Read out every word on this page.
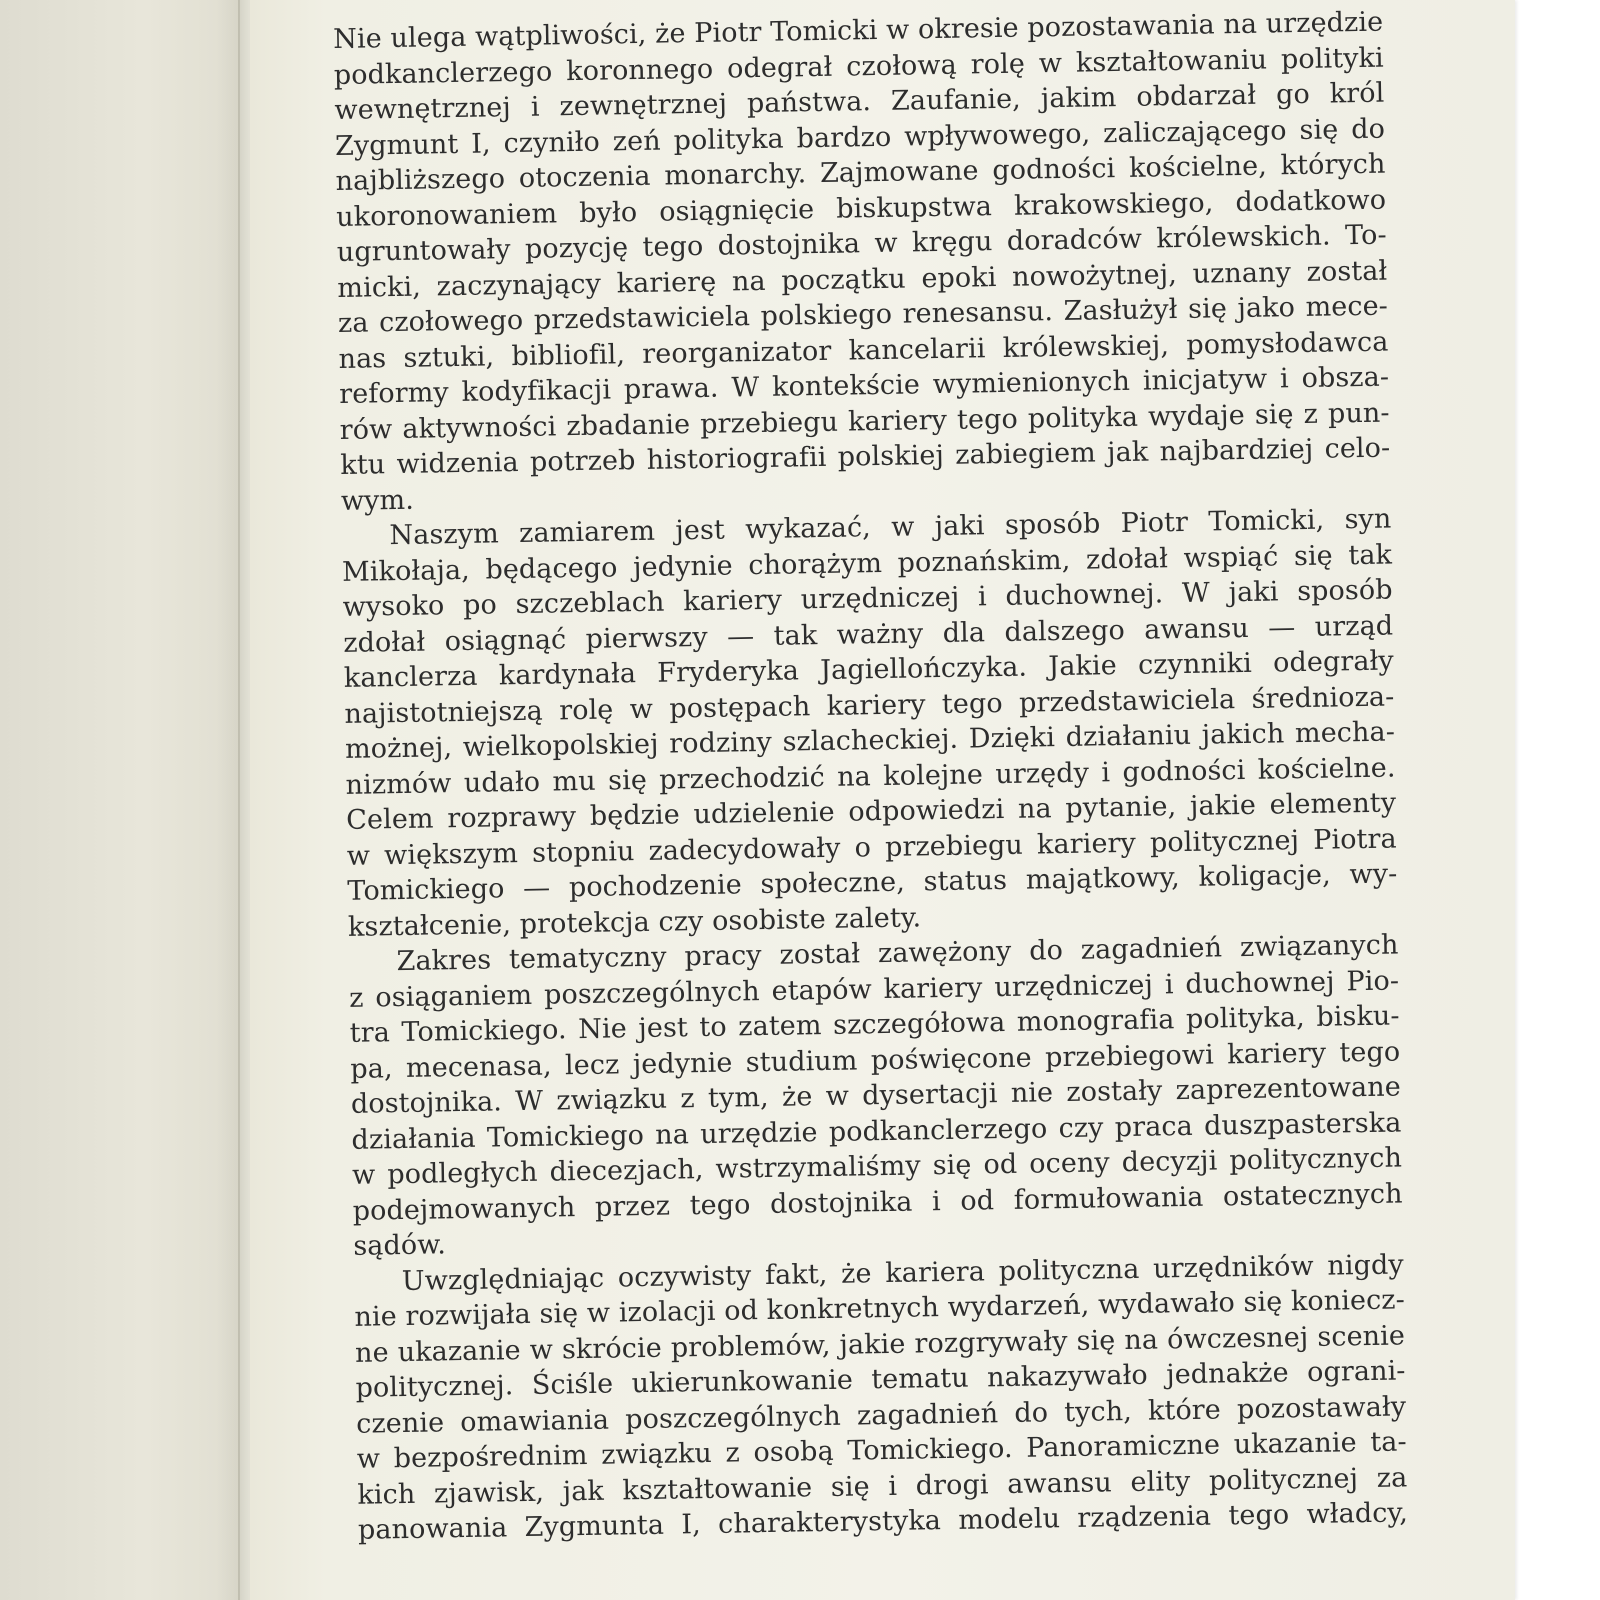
Nie ulega wątpliwości, że Piotr Tomicki w okresie pozostawania na urzędzie
podkanclerzego koronnego odegrał czołową rolę w kształtowaniu polityki
wewnętrznej i zewnętrznej państwa. Zaufanie, jakim obdarzał go król
Zygmunt I, czyniło zeń polityka bardzo wpływowego, zaliczającego się do
najbliższego otoczenia monarchy. Zajmowane godności kościelne, których
ukoronowaniem było osiągnięcie biskupstwa krakowskiego, dodatkowo
ugruntowały pozycję tego dostojnika w kręgu doradców królewskich. To-
micki, zaczynający karierę na początku epoki nowożytnej, uznany został
za czołowego przedstawiciela polskiego renesansu. Zasłużył się jako mece-
nas sztuki, bibliofil, reorganizator kancelarii królewskiej, pomysłodawca
reformy kodyfikacji prawa. W kontekście wymienionych inicjatyw i obsza-
rów aktywności zbadanie przebiegu kariery tego polityka wydaje się z pun-
ktu widzenia potrzeb historiografii polskiej zabiegiem jak najbardziej celo-
wym.
Naszym zamiarem jest wykazać, w jaki sposób Piotr Tomicki, syn
Mikołaja, będącego jedynie chorążym poznańskim, zdołał wspiąć się tak
wysoko po szczeblach kariery urzędniczej i duchownej. W jaki sposób
zdołał osiągnąć pierwszy — tak ważny dla dalszego awansu — urząd
kanclerza kardynała Fryderyka Jagiellończyka. Jakie czynniki odegrały
najistotniejszą rolę w postępach kariery tego przedstawiciela średnioza-
możnej, wielkopolskiej rodziny szlacheckiej. Dzięki działaniu jakich mecha-
nizmów udało mu się przechodzić na kolejne urzędy i godności kościelne.
Celem rozprawy będzie udzielenie odpowiedzi na pytanie, jakie elementy
w większym stopniu zadecydowały o przebiegu kariery politycznej Piotra
Tomickiego — pochodzenie społeczne, status majątkowy, koligacje, wy-
kształcenie, protekcja czy osobiste zalety.
Zakres tematyczny pracy został zawężony do zagadnień związanych
z osiąganiem poszczególnych etapów kariery urzędniczej i duchownej Pio-
tra Tomickiego. Nie jest to zatem szczegółowa monografia polityka, bisku-
pa, mecenasa, lecz jedynie studium poświęcone przebiegowi kariery tego
dostojnika. W związku z tym, że w dysertacji nie zostały zaprezentowane
działania Tomickiego na urzędzie podkanclerzego czy praca duszpasterska
w podległych diecezjach, wstrzymaliśmy się od oceny decyzji politycznych
podejmowanych przez tego dostojnika i od formułowania ostatecznych
sądów.
Uwzględniając oczywisty fakt, że kariera polityczna urzędników nigdy
nie rozwijała się w izolacji od konkretnych wydarzeń, wydawało się koniecz-
ne ukazanie w skrócie problemów, jakie rozgrywały się na ówczesnej scenie
politycznej. Ściśle ukierunkowanie tematu nakazywało jednakże ograni-
czenie omawiania poszczególnych zagadnień do tych, które pozostawały
w bezpośrednim związku z osobą Tomickiego. Panoramiczne ukazanie ta-
kich zjawisk, jak kształtowanie się i drogi awansu elity politycznej za
panowania Zygmunta I, charakterystyka modelu rządzenia tego władcy,
